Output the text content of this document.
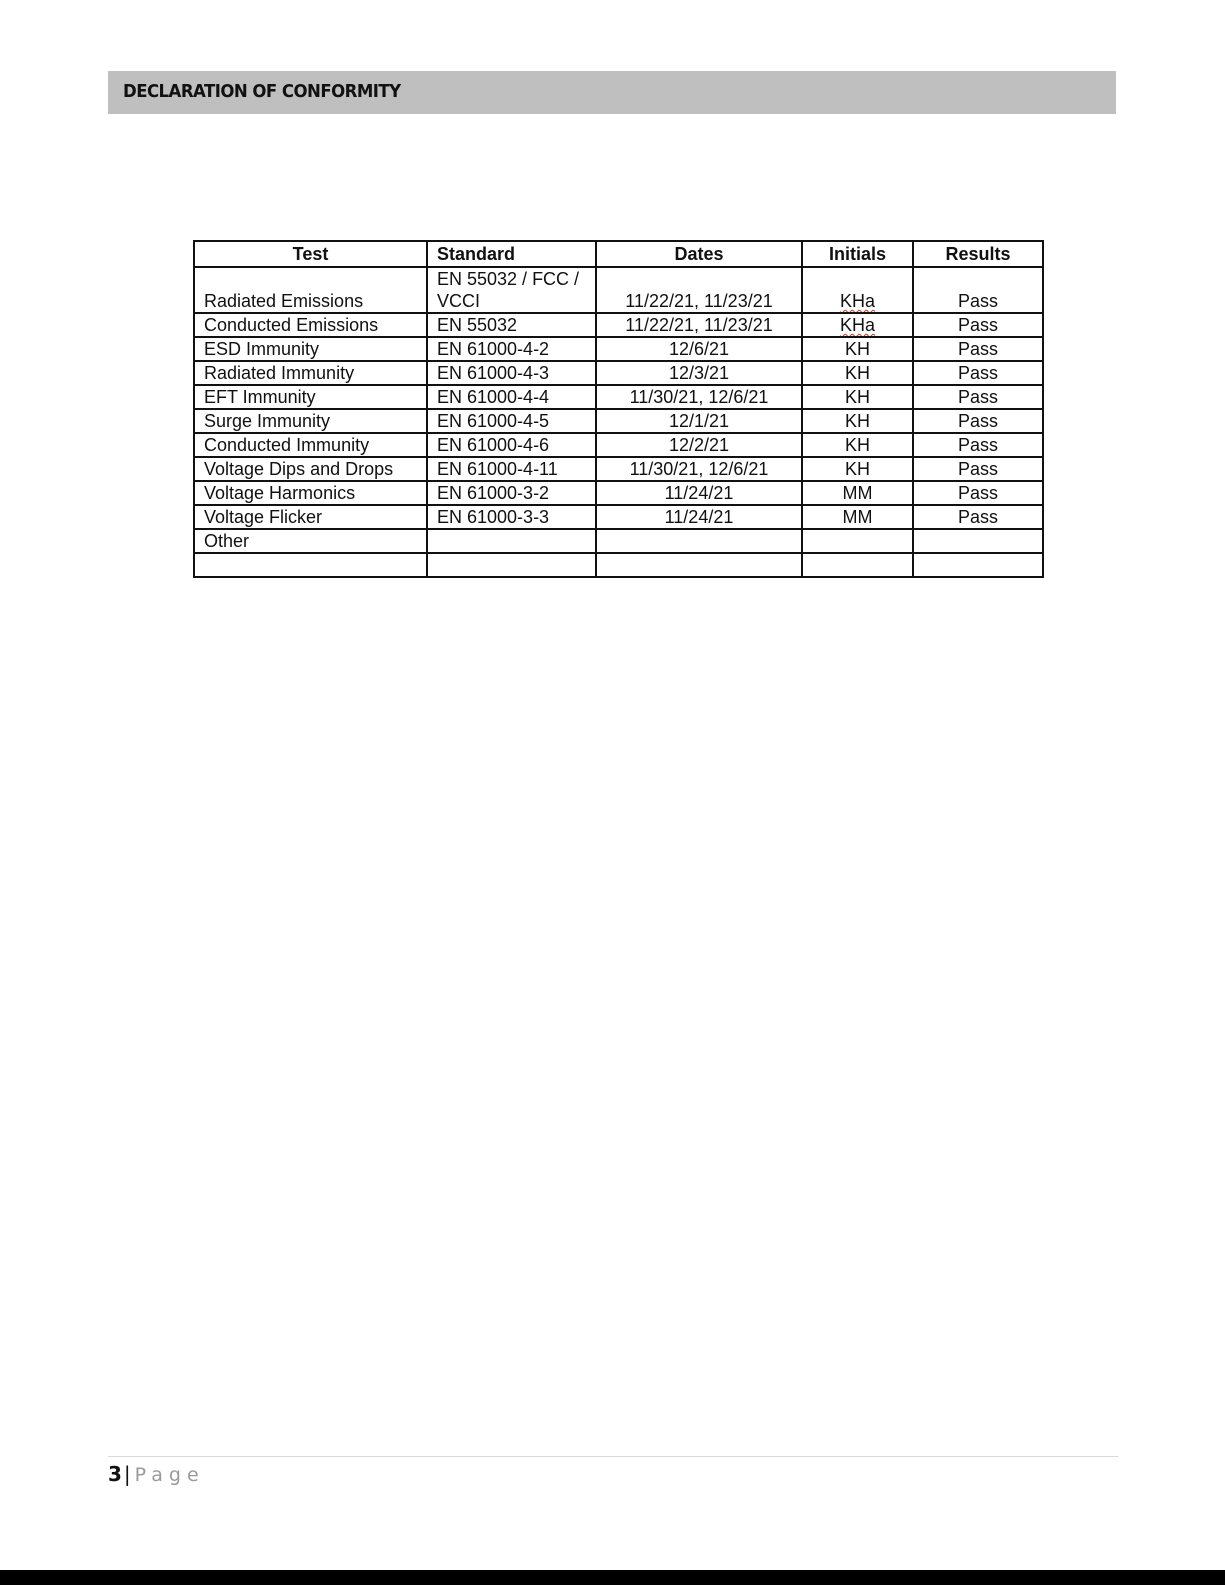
DECLARATION OF CONFORMITY
Test	Standard	Dates	Initials	Results
Radiated Emissions	EN 55032 / FCC / VCCI	11/22/21, 11/23/21	KHa	Pass
Conducted Emissions	EN 55032	11/22/21, 11/23/21	KHa	Pass
ESD Immunity	EN 61000-4-2	12/6/21	KH	Pass
Radiated Immunity	EN 61000-4-3	12/3/21	KH	Pass
EFT Immunity	EN 61000-4-4	11/30/21, 12/6/21	KH	Pass
Surge Immunity	EN 61000-4-5	12/1/21	KH	Pass
Conducted Immunity	EN 61000-4-6	12/2/21	KH	Pass
Voltage Dips and Drops	EN 61000-4-11	11/30/21, 12/6/21	KH	Pass
Voltage Harmonics	EN 61000-3-2	11/24/21	MM	Pass
Voltage Flicker	EN 61000-3-3	11/24/21	MM	Pass
Other				

3 | Page
